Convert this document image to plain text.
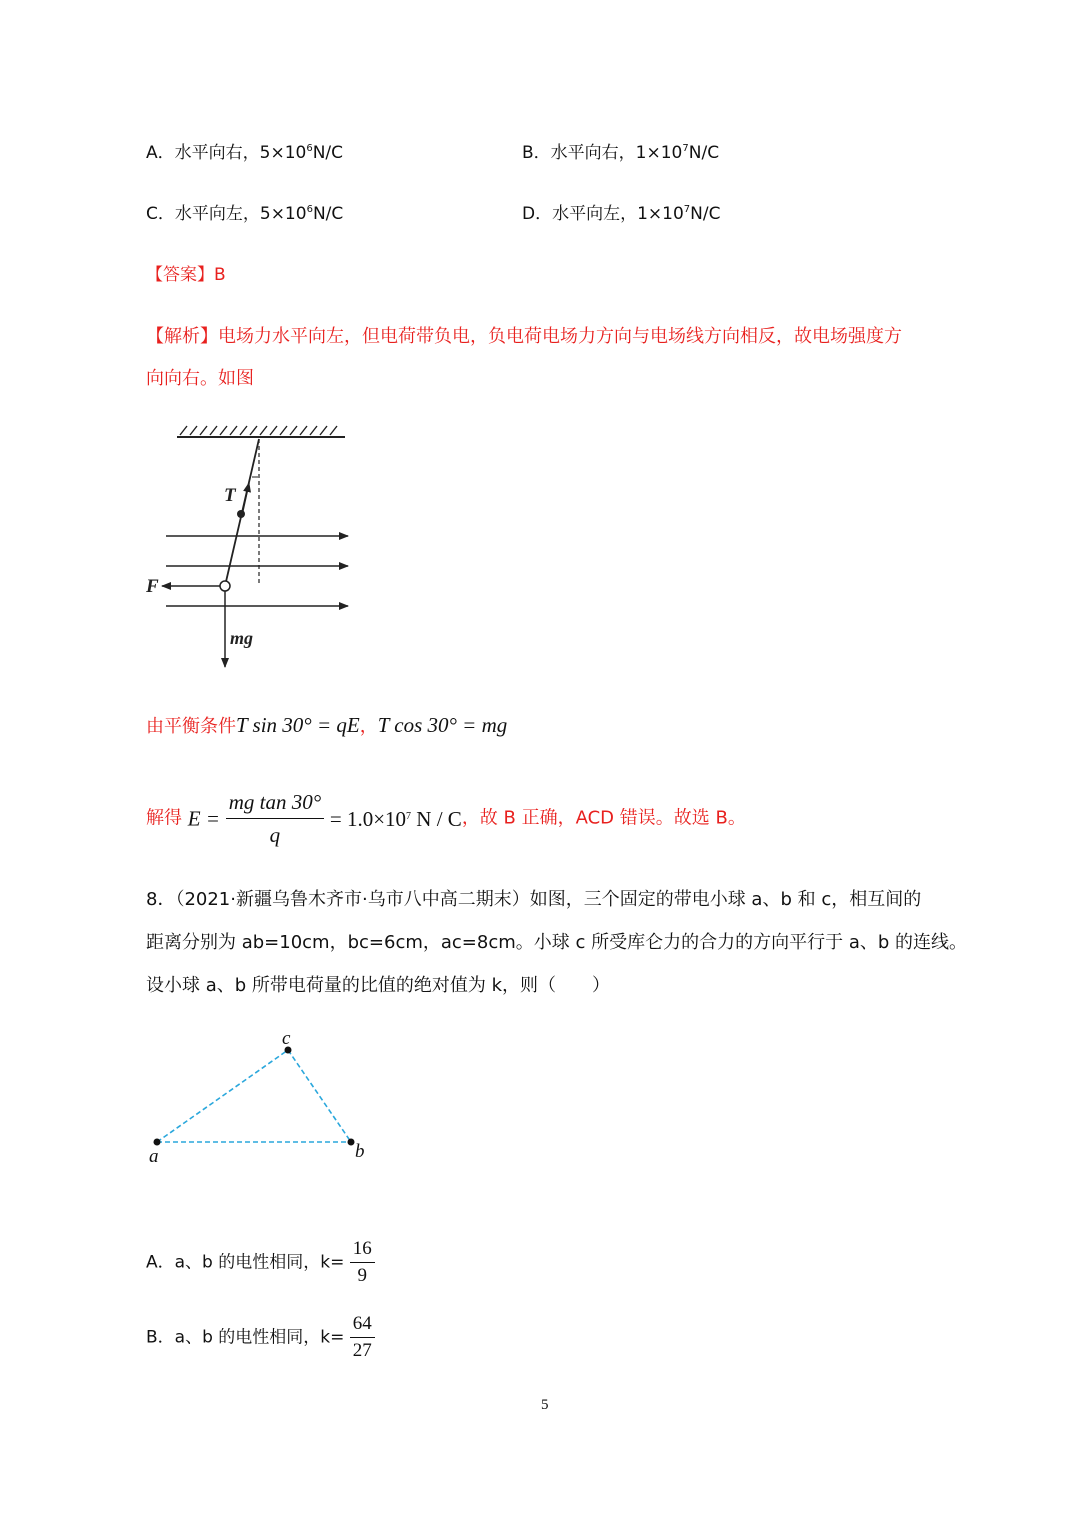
A．水平向右，$5\times 10^6N/C$	B．水平向右，$1\times 10^7N/C$
C．水平向左，$5\times 10^6N/C$	D．水平向左，$1\times 10^7N/C$
【答案】B
【解析】电场力水平向左，但电荷带负电，负电荷电场力方向与电场线方向相反，故电场强度方
向向右。如图
T
F
mg
由平衡条件T sin 30° = qE，T cos 30° = mg
解得 $E = \frac{\text{mg tan 30°}}{q} = 1.0\times 10^7$ N / C，故 B 正确，ACD 错误。故选 B。
8．（2021·新疆乌鲁木齐市·乌市八中高二期末）如图，三个固定的带电小球 a、b 和 c，相互间的
距离分别为 ab=10cm，bc=6cm，ac=8cm。小球 c 所受库仑力的合力的方向平行于 a、b 的连线。
设小球 a、b 所带电荷量的比值的绝对值为 k，则（　　）
a
c
b
A．a、b 的电性相同，$k= \frac{16}{9}$
B．a、b 的电性相同，$k= \frac{64}{27}$
5
